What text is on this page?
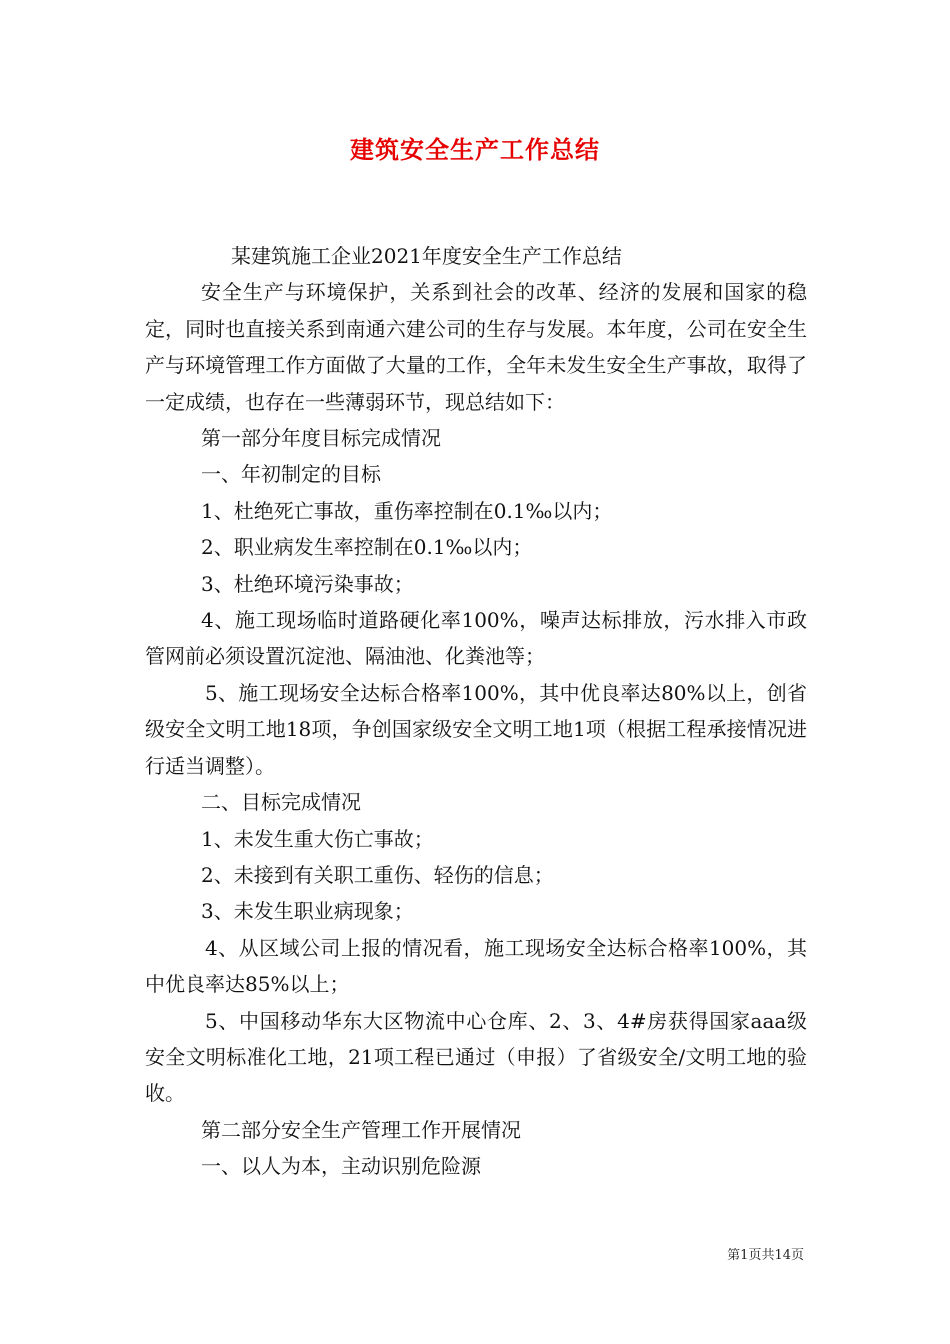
建筑安全生产工作总结

某建筑施工企业2021年度安全生产工作总结

安全生产与环境保护，关系到社会的改革、经济的发展和国家的稳定，同时也直接关系到南通六建公司的生存与发展。本年度，公司在安全生产与环境管理工作方面做了大量的工作，全年未发生安全生产事故，取得了一定成绩，也存在一些薄弱环节，现总结如下：

第一部分年度目标完成情况

一、年初制定的目标

1、杜绝死亡事故，重伤率控制在0.1‰以内；

2、职业病发生率控制在0.1‰以内；

3、杜绝环境污染事故；

4、施工现场临时道路硬化率100%，噪声达标排放，污水排入市政管网前必须设置沉淀池、隔油池、化粪池等；

5、施工现场安全达标合格率100%，其中优良率达80%以上，创省级安全文明工地18项，争创国家级安全文明工地1项（根据工程承接情况进行适当调整）。

二、目标完成情况

1、未发生重大伤亡事故；

2、未接到有关职工重伤、轻伤的信息；

3、未发生职业病现象；

4、从区域公司上报的情况看，施工现场安全达标合格率100%，其中优良率达85%以上；

5、中国移动华东大区物流中心仓库、2、3、4#房获得国家aaa级安全文明标准化工地，21项工程已通过（申报）了省级安全/文明工地的验收。

第二部分安全生产管理工作开展情况

一、以人为本，主动识别危险源

第1页共14页
